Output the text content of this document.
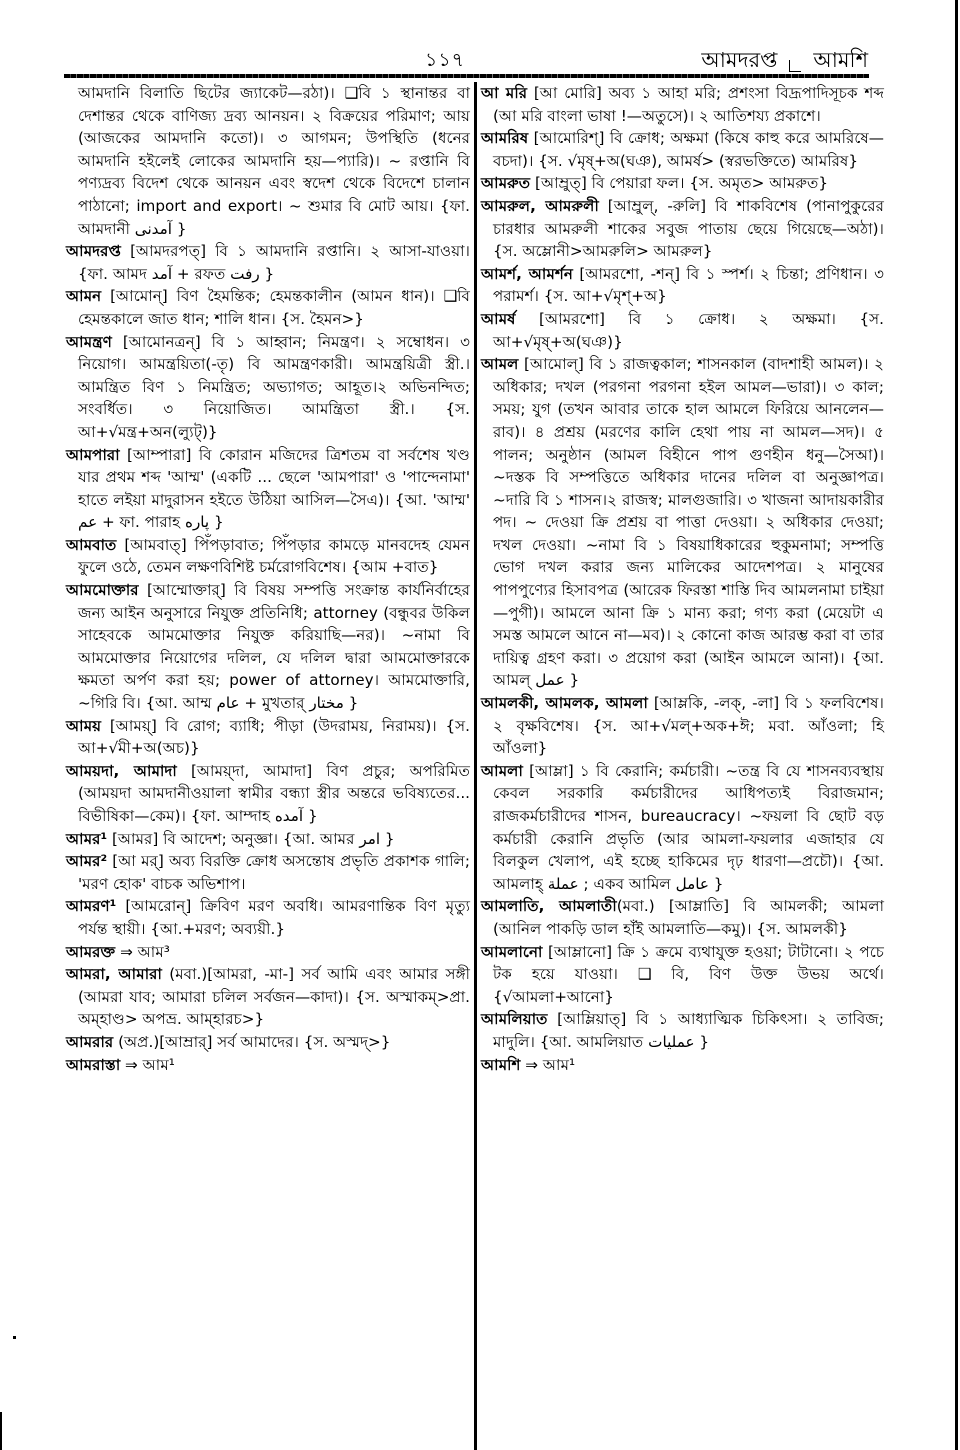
১১৭	আমদরপ্ত আমশি

আমদানি বিলাতি ছিটের জ্যাকেট—রঠা)। ❑বি ১ স্থানান্তর বা দেশান্তর থেকে বাণিজ্য দ্রব্য আনয়ন। ২ বিক্রয়ের পরিমাণ; আয় (আজকের আমদানি কতো)। ৩ আগমন; উপস্থিতি (ধনের আমদানি হইলেই লোকের আমদানি হয়—প্যারি)। ~ রপ্তানি বি পণ্যদ্রব্য বিদেশ থেকে আনয়ন এবং স্বদেশ থেকে বিদেশে চালান পাঠানো; import and export। ~ শুমার বি মোট আয়। {ফা. আমদানী آمدنی }

আমদরপ্ত [আমদরপত্] বি ১ আমদানি রপ্তানি। ২ আসা-যাওয়া। {ফা. আমদ آمد + রফত رفت }

আমন [আমোন্] বিণ হৈমন্তিক; হেমন্তকালীন (আমন ধান)। ❑বি হেমন্তকালে জাত ধান; শালি ধান। {স. হৈমন>}

আমন্ত্রণ [আমোনত্রন্] বি ১ আহ্বান; নিমন্ত্রণ। ২ সম্বোধন। ৩ নিয়োগ। আমন্ত্রয়িতা(-তৃ) বি আমন্ত্রণকারী। আমন্ত্রয়িত্রী স্ত্রী.। আমন্ত্রিত বিণ ১ নিমন্ত্রিত; অভ্যাগত; আহূত।২ অভিনন্দিত; সংবর্ধিত। ৩ নিয়োজিত। আমন্ত্রিতা স্ত্রী.। {স. আ+√মন্ত্র+অন(ল্যুট্)}

আমপারা [আম্পারা] বি কোরান মজিদের ত্রিশতম বা সর্বশেষ খণ্ড যার প্রথম শব্দ 'আম্ম' (একটি ... ছেলে 'আমপারা' ও 'পান্দেনামা' হাতে লইয়া মাদুরাসন হইতে উঠিয়া আসিল—সৈএ)। {আ. 'আম্ম' عم + ফা. পারাহ پاره }

আমবাত [আমবাত্] পিঁপড়াবাত; পিঁপড়ার কামড়ে মানবদেহ যেমন ফুলে ওঠে, তেমন লক্ষণবিশিষ্ট চর্মরোগবিশেষ। {আম +বাত}

আমমোক্তার [আম্মোক্তার্] বি বিষয় সম্পত্তি সংক্রান্ত কার্যনির্বাহের জন্য আইন অনুসারে নিযুক্ত প্রতিনিধি; attorney (বন্ধুবর উকিল সাহেবকে আমমোক্তার নিযুক্ত করিয়াছি—নর)। ~নামা বি আমমোক্তার নিয়োগের দলিল, যে দলিল দ্বারা আমমোক্তারকে ক্ষমতা অর্পণ করা হয়; power of attorney। আমমোক্তারি, ~গিরি বি। {আ. আম্ম عام + মুখতার্ مختار }

আময় [আময়্] বি রোগ; ব্যাধি; পীড়া (উদরাময়, নিরাময়)। {স. আ+√মী+অ(অচ)}

আময়দা, আমাদা [আময়্দা, আমাদা] বিণ প্রচুর; অপরিমিত (আময়দা আমদানীওয়ালা স্বামীর বন্ধ্যা স্ত্রীর অন্তরে ভবিষ্যতের... বিভীষিকা—কেম)। {ফা. আম্দাহ آمده }

আমর¹ [আমর] বি আদেশ; অনুজ্ঞা। {আ. আমর امر }

আমর² [আ মর্] অব্য বিরক্তি ক্রোধ অসন্তোষ প্রভৃতি প্রকাশক গালি; 'মরণ হোক' বাচক অভিশাপ।

আমরণ¹ [আমরোন্] ক্রিবিণ মরণ অবধি। আমরণান্তিক বিণ মৃত্যু পর্যন্ত স্থায়ী। {আ.+মরণ; অব্যয়ী.}

আমরক্ত ⇒ আম³

আমরা, আমারা (মবা.)[আমরা, -মা-] সর্ব আমি এবং আমার সঙ্গী (আমরা যাব; আমারা চলিল সর্বজন—কাদা)। {স. অস্মাকম্>প্রা. অম্হাণ্ড> অপভ্র. আম্হারচ>}

আমরার (অপ্র.)[আম্রার্] সর্ব আমাদের। {স. অস্মদ্>}

আমরাস্তা ⇒ আম¹

আ মরি [আ মোরি] অব্য ১ আহা মরি; প্রশংসা বিদ্রূপাদিসূচক শব্দ (আ মরি বাংলা ভাষা !—অতুসে)। ২ আতিশয্য প্রকাশে।

আমরিষ [আমোরিশ্] বি ক্রোধ; অক্ষমা (কিষে কাহু করে আমরিষে—বচদা)। {স. √মৃষ্+অ(ঘঞ), আমর্ষ> (স্বরভক্তিতে) আমরিষ}

আমরুত [আম্রুত্] বি পেয়ারা ফল। {স. অমৃত> আমরুত}

আমরুল, আমরুলী [আম্রুল্, -রুলি] বি শাকবিশেষ (পানাপুকুরের চারধার আমরুলী শাকের সবুজ পাতায় ছেয়ে গিয়েছে—অঠা)। {স. অম্লোনী>আমরুলি> আমরুল}

আমর্শ, আমর্শন [আমরশো, -শন্] বি ১ স্পর্শ। ২ চিন্তা; প্রণিধান। ৩ পরামর্শ। {স. আ+√মৃশ্+অ}

আমর্ষ [আমরশো] বি ১ ক্রোধ। ২ অক্ষমা। {স. আ+√মৃষ্+অ(ঘঞ)}

আমল [আমোল্] বি ১ রাজত্বকাল; শাসনকাল (বাদশাহী আমল)। ২ অধিকার; দখল (পরগনা পরগনা হইল আমল—ভারা)। ৩ কাল; সময়; যুগ (তখন আবার তাকে হাল আমলে ফিরিয়ে আনলেন—রাব)। ৪ প্রশ্রয় (মরণের কালি হেথা পায় না আমল—সদ)। ৫ পালন; অনুষ্ঠান (আমল বিহীনে পাপ গুণহীন ধনু—সৈআ)। ~দস্তক বি সম্পত্তিতে অধিকার দানের দলিল বা অনুজ্ঞাপত্র। ~দারি বি ১ শাসন।২ রাজস্ব; মালগুজারি। ৩ খাজনা আদায়কারীর পদ। ~ দেওয়া ক্রি প্রশ্রয় বা পাত্তা দেওয়া। ২ অধিকার দেওয়া; দখল দেওয়া। ~নামা বি ১ বিষয়াধিকারের হুকুমনামা; সম্পত্তি ভোগ দখল করার জন্য মালিকের আদেশপত্র। ২ মানুষের পাপপুণ্যের হিসাবপত্র (আরেক ফিরস্তা শাস্তি দিব আমলনামা চাইয়া—পুগী)। আমলে আনা ক্রি ১ মান্য করা; গণ্য করা (মেয়েটা এ সমস্ত আমলে আনে না—মব)। ২ কোনো কাজ আরম্ভ করা বা তার দায়িত্ব গ্রহণ করা। ৩ প্রয়োগ করা (আইন আমলে আনা)। {আ. আমল্ عمل }

আমলকী, আমলক, আমলা [আম্লকি, -লক্, -লা] বি ১ ফলবিশেষ। ২ বৃক্ষবিশেষ। {স. আ+√মল্+অক+ঈ; মবা. আঁওলা; হি আঁওলা}

আমলা [আম্লা] ১ বি কেরানি; কর্মচারী। ~তন্ত্র বি যে শাসনব্যবস্থায় কেবল সরকারি কর্মচারীদের আধিপত্যই বিরাজমান; রাজকর্মচারীদের শাসন, bureaucracy। ~ফয়লা বি ছোট বড় কর্মচারী কেরানি প্রভৃতি (আর আমলা-ফয়লার এজাহার যে বিলকুল খেলাপ, এই হচ্ছে হাকিমের দৃঢ় ধারণা—প্রচৌ)। {আ. আমলাহ্ عملة ; একব আমিল عامل }

আমলাতি, আমলাতী(মবা.) [আম্লাতি] বি আমলকী; আমলা (আনিল পাকড়ি ডাল হাঁই আমলাতি—কমু)। {স. আমলকী}

আমলানো [আম্লানো] ক্রি ১ ক্রমে ব্যথাযুক্ত হওয়া; টাটানো। ২ পচে টক হয়ে যাওয়া। ❑ বি, বিণ উক্ত উভয় অর্থে। {√আমলা+আনো}

আমলিয়াত [আম্লিয়াত্] বি ১ আধ্যাত্মিক চিকিৎসা। ২ তাবিজ; মাদুলি। {আ. আমলিয়াত عمليات }

আমশি ⇒ আম¹
